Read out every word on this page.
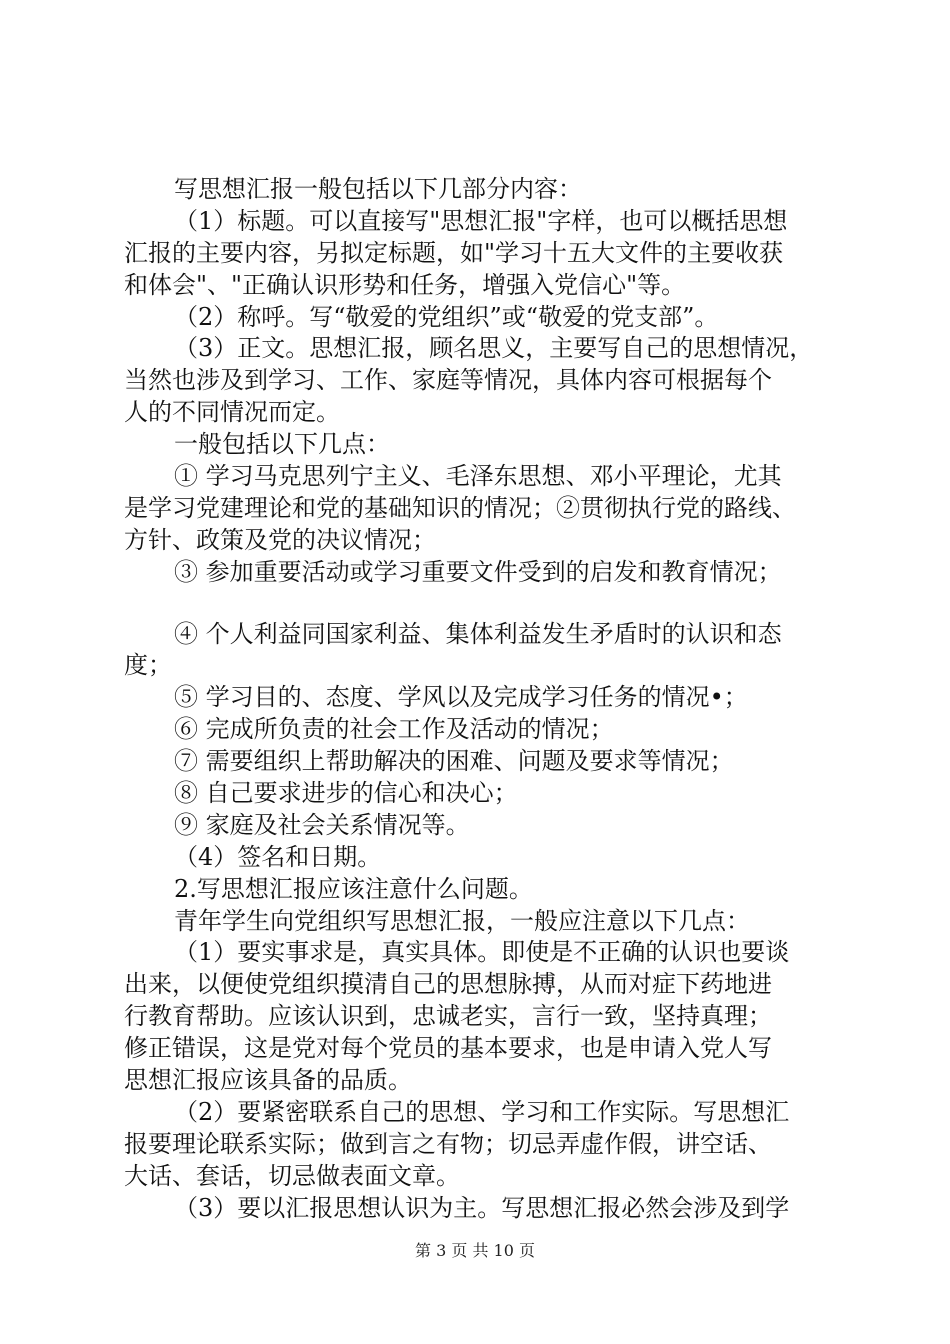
写思想汇报一般包括以下几部分内容：
（1）标题。可以直接写"思想汇报"字样，也可以概括思想
汇报的主要内容，另拟定标题，如"学习十五大文件的主要收获
和体会"、"正确认识形势和任务，增强入党信心"等。
（2）称呼。写“敬爱的党组织”或“敬爱的党支部”。
（3）正文。思想汇报，顾名思义，主要写自己的思想情况，
当然也涉及到学习、工作、家庭等情况，具体内容可根据每个
人的不同情况而定。
一般包括以下几点：
① 学习马克思列宁主义、毛泽东思想、邓小平理论，尤其
是学习党建理论和党的基础知识的情况；②贯彻执行党的路线、
方针、政策及党的决议情况；
③ 参加重要活动或学习重要文件受到的启发和教育情况；
④ 个人利益同国家利益、集体利益发生矛盾时的认识和态
度；
⑤ 学习目的、态度、学风以及完成学习任务的情况•；
⑥ 完成所负责的社会工作及活动的情况；
⑦ 需要组织上帮助解决的困难、问题及要求等情况；
⑧ 自己要求进步的信心和决心；
⑨ 家庭及社会关系情况等。
（4）签名和日期。
2.写思想汇报应该注意什么问题。
青年学生向党组织写思想汇报，一般应注意以下几点：
（1）要实事求是，真实具体。即使是不正确的认识也要谈
出来，以便使党组织摸清自己的思想脉搏，从而对症下药地进
行教育帮助。应该认识到，忠诚老实，言行一致，坚持真理；
修正错误，这是党对每个党员的基本要求，也是申请入党人写
思想汇报应该具备的品质。
（2）要紧密联系自己的思想、学习和工作实际。写思想汇
报要理论联系实际；做到言之有物；切忌弄虚作假，讲空话、
大话、套话，切忌做表面文章。
（3）要以汇报思想认识为主。写思想汇报必然会涉及到学
第 3 页 共 10 页
